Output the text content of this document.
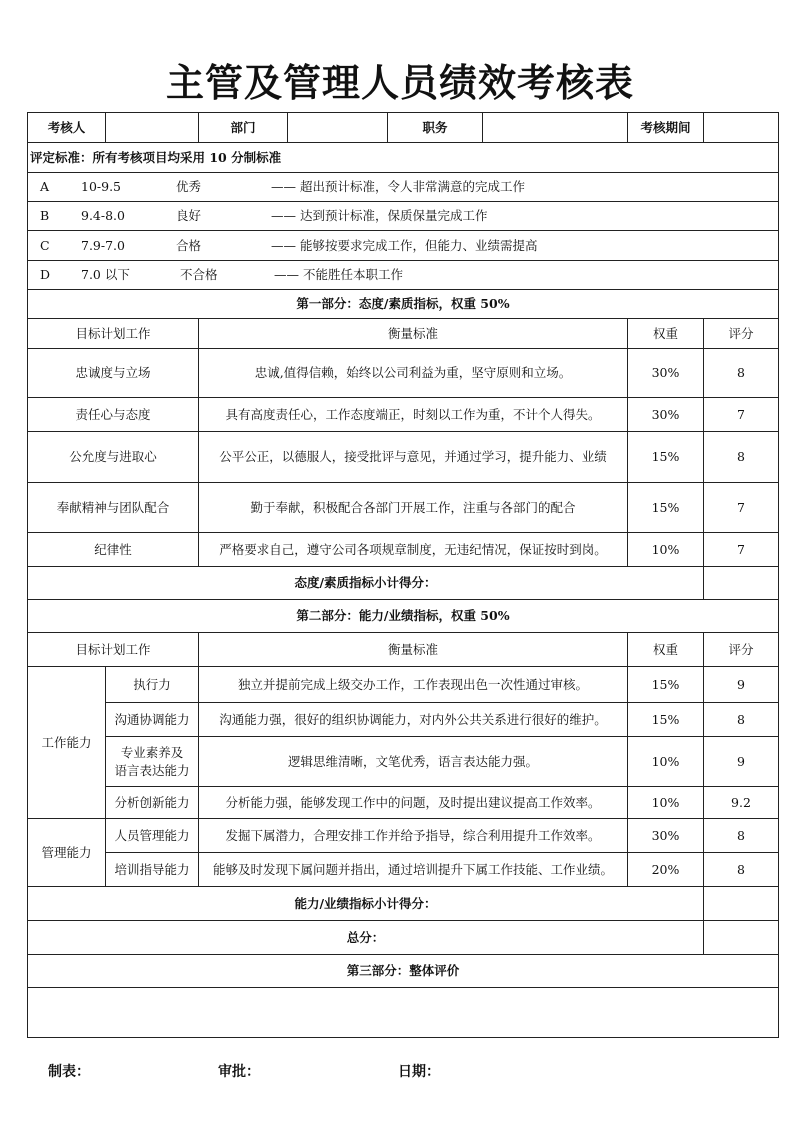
主管及管理人员绩效考核表
考核人		部门		职务		考核期间	
评定标准：所有考核项目均采用 10 分制标准							

A 10-9.5 优秀 —— 超出预计标准，令人非常满意的完成工作							

B 9.4-8.0 良好 —— 达到预计标准，保质保量完成工作							

C 7.9-7.0 合格 —— 能够按要求完成工作，但能力、业绩需提高							

D 7.0 以下 不合格 —— 不能胜任本职工作							

第一部分：态度/素质指标，权重 50%							
目标计划工作		衡量标准				权重	评分
忠诚度与立场		忠诚,值得信赖，始终以公司利益为重，坚守原则和立场。				30%	8
责任心与态度		具有高度责任心，工作态度端正，时刻以工作为重，不计个人得失。				30%	7
公允度与进取心		公平公正，以德服人，接受批评与意见，并通过学习，提升能力、业绩				15%	8
奉献精神与团队配合		勤于奉献，积极配合各部门开展工作，注重与各部门的配合				15%	7
纪律性		严格要求自己，遵守公司各项规章制度，无违纪情况，保证按时到岗。				10%	7
态度/素质指标小计得分：							
第二部分：能力/业绩指标，权重 50%							
目标计划工作		衡量标准				权重	评分
工作能力	执行力	独立并提前完成上级交办工作，工作表现出色一次性通过审核。				15%	9
	沟通协调能力	沟通能力强，很好的组织协调能力，对内外公共关系进行很好的维护。				15%	8

	专业素养及
语言表达能力	逻辑思维清晰，文笔优秀，语言表达能力强。				10%	9
	分析创新能力	分析能力强，能够发现工作中的问题，及时提出建议提高工作效率。				10%	9.2
管理能力	人员管理能力	发掘下属潜力，合理安排工作并给予指导，综合利用提升工作效率。				30%	8
	培训指导能力	能够及时发现下属问题并指出，通过培训提升下属工作技能、工作业绩。				20%	8
能力/业绩指标小计得分：							
总分：							
第三部分：整体评价							

制表：	审批：	日期：
